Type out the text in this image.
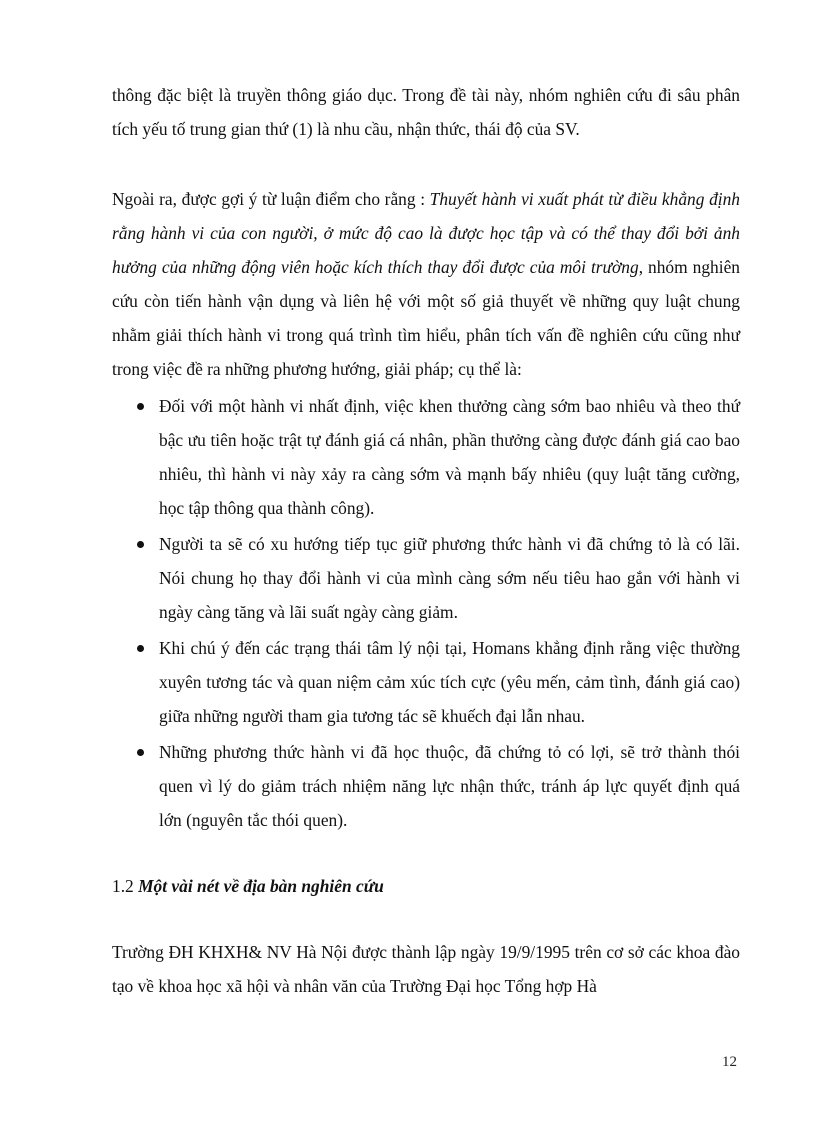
thông đặc biệt là truyền thông giáo dục. Trong đề tài này, nhóm nghiên cứu đi sâu phân tích yếu tố trung gian thứ (1) là nhu cầu, nhận thức, thái độ của SV.

Ngoài ra, được gợi ý từ luận điểm cho rằng : Thuyết hành vi xuất phát từ điều khẳng định rằng hành vi của con người, ở mức độ cao là được học tập và có thể thay đổi bởi ảnh hưởng của những động viên hoặc kích thích thay đổi được của môi trường, nhóm nghiên cứu còn tiến hành vận dụng và liên hệ với một số giả thuyết về những quy luật chung nhằm giải thích hành vi trong quá trình tìm hiểu, phân tích vấn đề nghiên cứu cũng như trong việc đề ra những phương hướng, giải pháp; cụ thể là:

Đối với một hành vi nhất định, việc khen thưởng càng sớm bao nhiêu và theo thứ bậc ưu tiên hoặc trật tự đánh giá cá nhân, phần thưởng càng được đánh giá cao bao nhiêu, thì hành vi này xảy ra càng sớm và mạnh bấy nhiêu (quy luật tăng cường, học tập thông qua thành công).
Người ta sẽ có xu hướng tiếp tục giữ phương thức hành vi đã chứng tỏ là có lãi. Nói chung họ thay đổi hành vi của mình càng sớm nếu tiêu hao gắn với hành vi ngày càng tăng và lãi suất ngày càng giảm.
Khi chú ý đến các trạng thái tâm lý nội tại, Homans khẳng định rằng việc thường xuyên tương tác và quan niệm cảm xúc tích cực (yêu mến, cảm tình, đánh giá cao) giữa những người tham gia tương tác sẽ khuếch đại lẫn nhau.
Những phương thức hành vi đã học thuộc, đã chứng tỏ có lợi, sẽ trở thành thói quen vì lý do giảm trách nhiệm năng lực nhận thức, tránh áp lực quyết định quá lớn (nguyên tắc thói quen).

1.2 Một vài nét về địa bàn nghiên cứu

Trường ĐH KHXH& NV Hà Nội được thành lập ngày 19/9/1995 trên cơ sở các khoa đào tạo về khoa học xã hội và nhân văn của Trường Đại học Tổng hợp Hà

12
